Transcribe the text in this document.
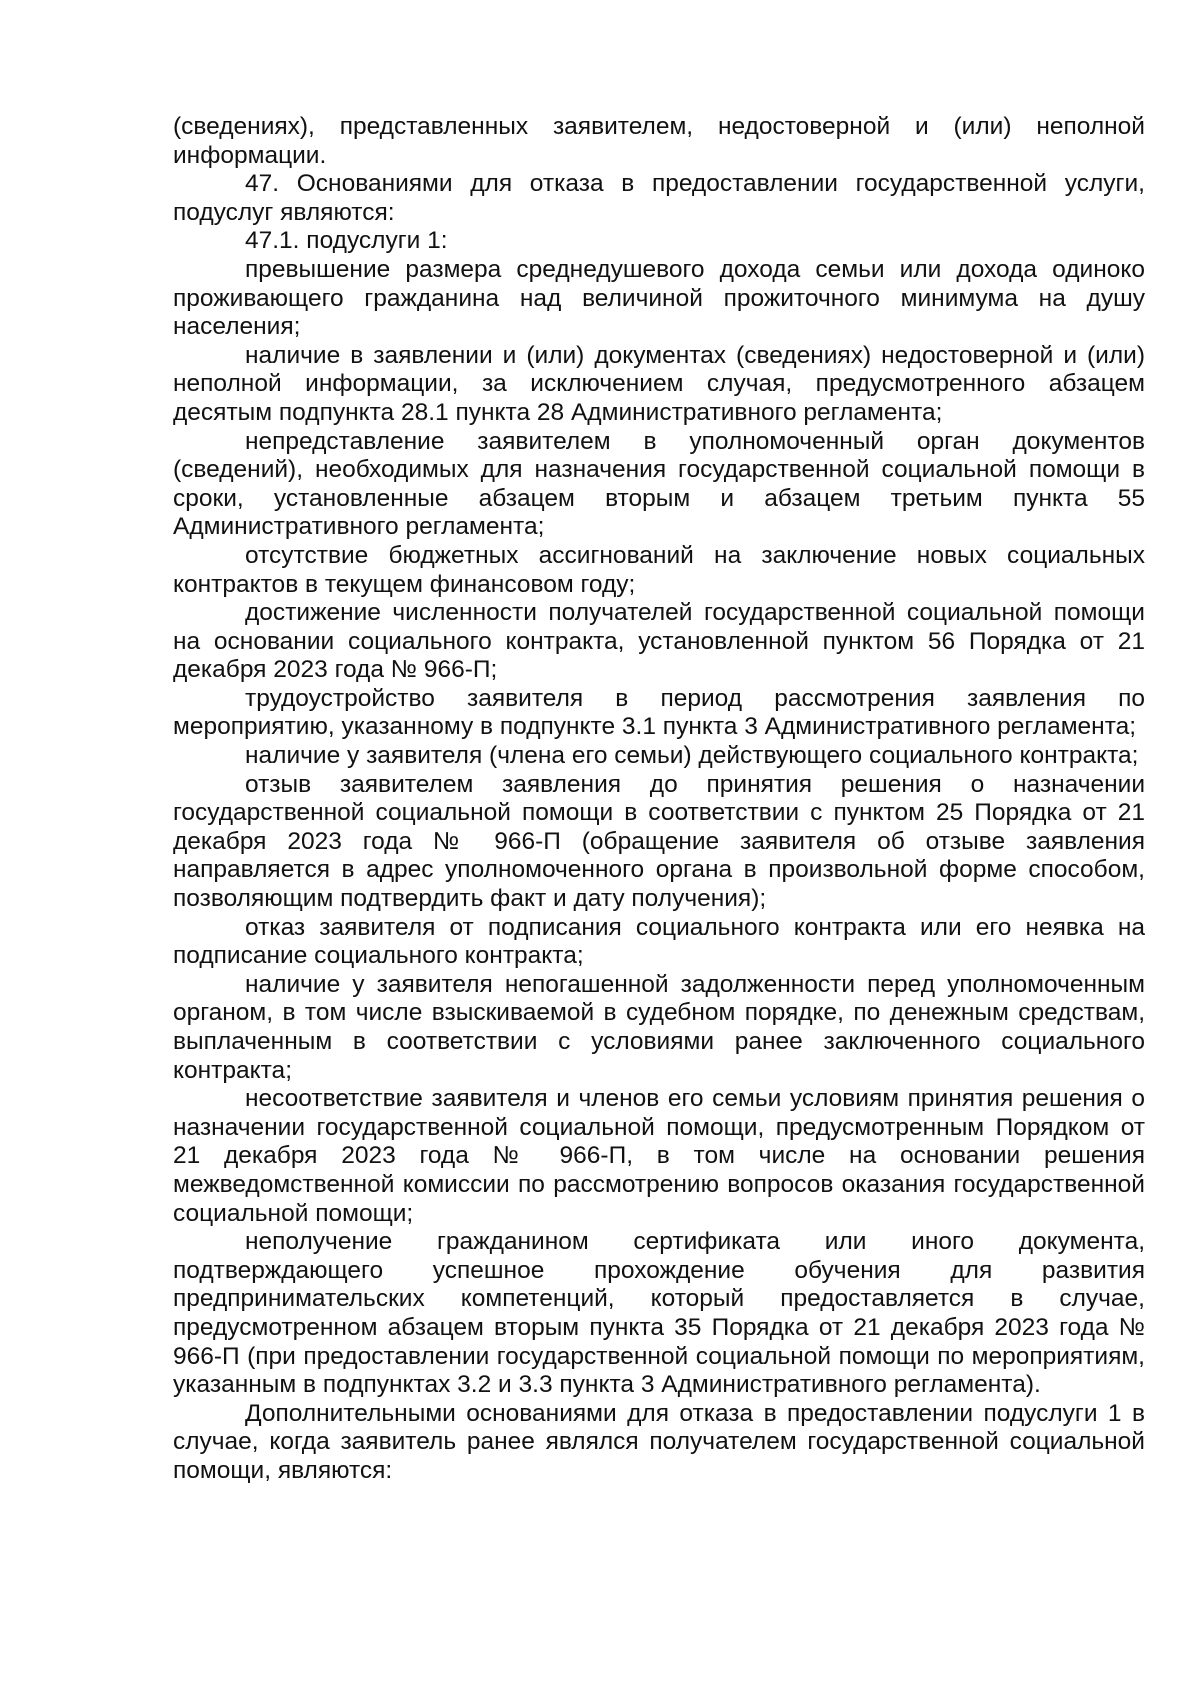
(сведениях), представленных заявителем, недостоверной и (или) неполной информации.

47. Основаниями для отказа в предоставлении государственной услуги, подуслуг являются:

47.1. подуслуги 1:

превышение размера среднедушевого дохода семьи или дохода одиноко проживающего гражданина над величиной прожиточного минимума на душу населения;

наличие в заявлении и (или) документах (сведениях) недостоверной и (или) неполной информации, за исключением случая, предусмотренного абзацем десятым подпункта 28.1 пункта 28 Административного регламента;

непредставление заявителем в уполномоченный орган документов (сведений), необходимых для назначения государственной социальной помощи в сроки, установленные абзацем вторым и абзацем третьим пункта 55 Административного регламента;

отсутствие бюджетных ассигнований на заключение новых социальных контрактов в текущем финансовом году;

достижение численности получателей государственной социальной помощи на основании социального контракта, установленной пунктом 56 Порядка от 21 декабря 2023 года № 966-П;

трудоустройство заявителя в период рассмотрения заявления по мероприятию, указанному в подпункте 3.1 пункта 3 Административного регламента;

наличие у заявителя (члена его семьи) действующего социального контракта;

отзыв заявителем заявления до принятия решения о назначении государственной социальной помощи в соответствии с пунктом 25 Порядка от 21 декабря 2023 года № 966-П (обращение заявителя об отзыве заявления направляется в адрес уполномоченного органа в произвольной форме способом, позволяющим подтвердить факт и дату получения);

отказ заявителя от подписания социального контракта или его неявка на подписание социального контракта;

наличие у заявителя непогашенной задолженности перед уполномоченным органом, в том числе взыскиваемой в судебном порядке, по денежным средствам, выплаченным в соответствии с условиями ранее заключенного социального контракта;

несоответствие заявителя и членов его семьи условиям принятия решения о назначении государственной социальной помощи, предусмотренным Порядком от 21 декабря 2023 года № 966-П, в том числе на основании решения межведомственной комиссии по рассмотрению вопросов оказания государственной социальной помощи;

неполучение гражданином сертификата или иного документа, подтверждающего успешное прохождение обучения для развития предпринимательских компетенций, который предоставляется в случае, предусмотренном абзацем вторым пункта 35 Порядка от 21 декабря 2023 года № 966-П (при предоставлении государственной социальной помощи по мероприятиям, указанным в подпунктах 3.2 и 3.3 пункта 3 Административного регламента).

Дополнительными основаниями для отказа в предоставлении подуслуги 1 в случае, когда заявитель ранее являлся получателем государственной социальной помощи, являются:
